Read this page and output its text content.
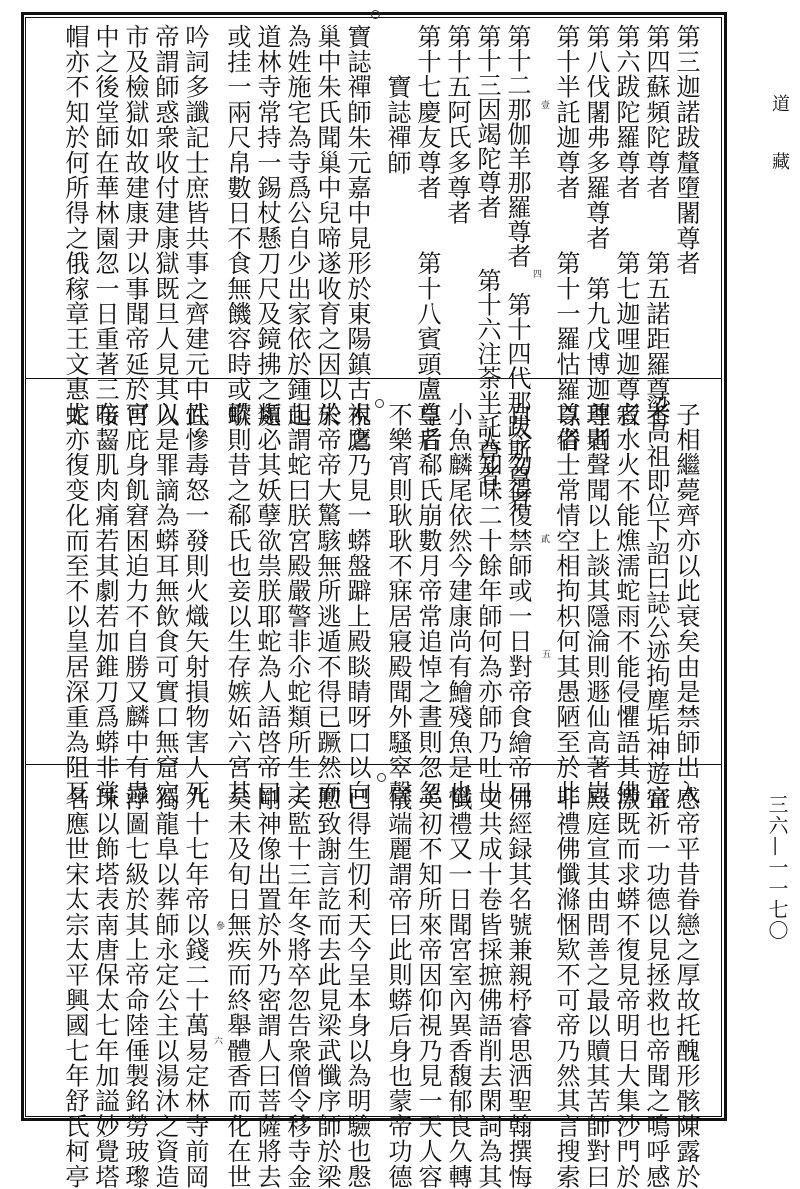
第三迦諾跋釐墮闍尊者
第四蘇頻陀尊者　　第五諾距羅尊者
第六跋陀羅尊者　　第七迦哩迦尊者
第八伐闍弗多羅尊者　第九戊博迦尊者
第十半託迦尊者　　第十一羅怙羅尊者
第十二那伽羊那羅尊者　第十四代那跋斯尊者
第十三因竭陀尊者　　第十六注荼半託尊者
第十五阿氏多尊者
第十七慶友尊者　　第十八賓頭盧尊者
　　寶誌禪師
寶誌禪師朱元嘉中見形於東陽鎮古木鷹
巢中朱氏聞巢中兒啼遂收育之因以朱
為姓施宅為寺爲公自少出家依於鍾山
道林寺常持一錫杖懸刀尺及鏡拂之類
或挂一兩尺帛數日不食無饑容時或歌
吟詞多讖記士庶皆共事之齊建元中武
帝謂師惑衆收付建康獄既旦人見其入
市及檢獄如故建康尹以事聞帝延於宮
中之後堂師在華林園忽一日重著三布
帽亦不知於何所得之俄稼章王文惠太	四
壹
子相繼薨齊亦以此衰矣由是禁師出入
梁高祖即位下詔曰誌公迹拘塵垢神遊宜
寂水火不能燋濡蛇雨不能侵懼語其佛
理則聲聞以上談其隱淪則遯仙高著豈
以俗士常情空相拘枳何其愚陋至於此
自今勿得復禁師或一日對帝食繪帝曰
一人知味二十餘年師何為亦師乃吐出
小魚麟尾依然今建康尚有鱠殘魚是也
皇后郗氏崩數月帝常追悼之晝則忽忽
不樂宵則耿耿不寐居寢殿聞外騷窣聲
視之乃見一蟒盤躃上殿睒睛呀口以向
於帝帝大驚駭無所逃遁不得已蹶然而
起謂蛇曰朕宮殿嚴警非尒蛇類所生之
處必其妖孽欲祟朕耶蛇為人語啓帝曰
蟒則昔之郗氏也妾以生存嫉妬六宮其
性慘毒怒一發則火熾矢射損物害人死
以是罪謫為蟒耳無飲食可實口無窟穴
可庇身飢窘困迫力不自勝又麟中有蟲
唼齧肌肉痛若其劇若加錐刀爲蟒非常
蛇亦復变化而至不以皇居深重為阻耳	五
貳
感帝平昔眷戀之厚故托醜形骸陳露於
帝祈一功德以見拯救也帝聞之嗚呼感
激既而求蟒不復見帝明日大集沙門於
殿庭宣其由問善之最以贖其苦師對曰
非禮佛懺滌悃欵不可帝乃然其言搜索
佛經録其名號兼親杼睿思洒聖翰撰悔
文共成十卷皆採摭佛語削去閑詞為其
懺禮又一日聞宮室內異香馥郁良久轉
美初不知所來帝因仰視乃見一天人容
儀端麗謂帝曰此則蟒后身也蒙帝功德
已得生忉利天今呈本身以為明驗也慇
懃致謝言訖而去此見梁武懺序師於梁
天監十三年冬將卒忽告衆僧令移寺金
剛神像出置於外乃密謂人曰菩薩將去
矣未及旬日無疾而終舉體香而化在世
九十七年帝以錢二十萬易定林寺前岡
獨龍阜以葬師永定公主以湯沐之資造
浮圖七級於其上帝命陸倕製銘勞玻瓈
珠以飾塔表南唐保太七年加謚妙覺塔
名應世宋太宗太平興國七年舒氏柯亭	六
參
道藏
三六—一一七〇
